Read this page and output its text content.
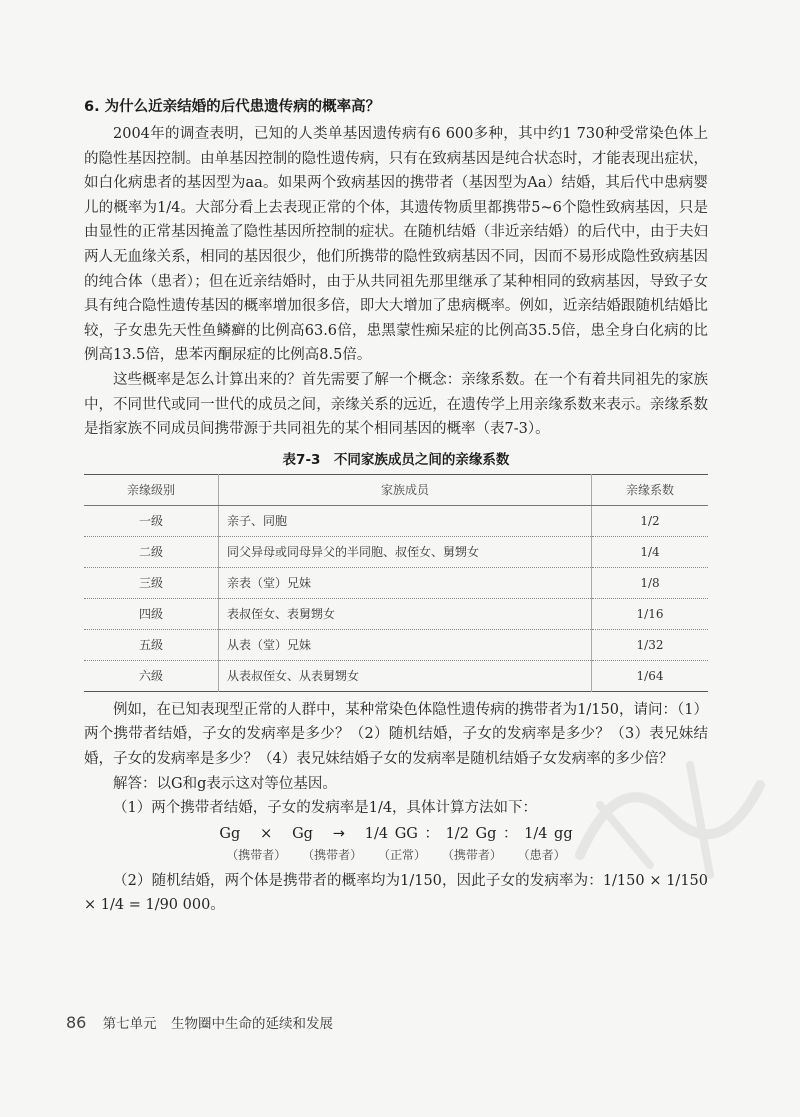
6. 为什么近亲结婚的后代患遗传病的概率高？

2004年的调查表明，已知的人类单基因遗传病有6 600多种，其中约1 730种受常染色体上的隐性基因控制。由单基因控制的隐性遗传病，只有在致病基因是纯合状态时，才能表现出症状，如白化病患者的基因型为aa。如果两个致病基因的携带者（基因型为Aa）结婚，其后代中患病婴儿的概率为1/4。大部分看上去表现正常的个体，其遗传物质里都携带5~6个隐性致病基因，只是由显性的正常基因掩盖了隐性基因所控制的症状。在随机结婚（非近亲结婚）的后代中，由于夫妇两人无血缘关系，相同的基因很少，他们所携带的隐性致病基因不同，因而不易形成隐性致病基因的纯合体（患者）；但在近亲结婚时，由于从共同祖先那里继承了某种相同的致病基因，导致子女具有纯合隐性遗传基因的概率增加很多倍，即大大增加了患病概率。例如，近亲结婚跟随机结婚比较，子女患先天性鱼鳞癣的比例高63.6倍，患黑蒙性痴呆症的比例高35.5倍，患全身白化病的比例高13.5倍，患苯丙酮尿症的比例高8.5倍。

这些概率是怎么计算出来的？首先需要了解一个概念：亲缘系数。在一个有着共同祖先的家族中，不同世代或同一世代的成员之间，亲缘关系的远近，在遗传学上用亲缘系数来表示。亲缘系数是指家族不同成员间携带源于共同祖先的某个相同基因的概率（表7-3）。

表7-3　不同家族成员之间的亲缘系数

亲缘级别	家族成员	亲缘系数
一级	亲子、同胞	1/2
二级	同父异母或同母异父的半同胞、叔侄女、舅甥女	1/4
三级	亲表（堂）兄妹	1/8
四级	表叔侄女、表舅甥女	1/16
五级	从表（堂）兄妹	1/32
六级	从表叔侄女、从表舅甥女	1/64

例如，在已知表现型正常的人群中，某种常染色体隐性遗传病的携带者为1/150，请问：（1）两个携带者结婚，子女的发病率是多少？（2）随机结婚，子女的发病率是多少？（3）表兄妹结婚，子女的发病率是多少？（4）表兄妹结婚子女的发病率是随机结婚子女发病率的多少倍？

解答：以G和g表示这对等位基因。

（1）两个携带者结婚，子女的发病率是1/4，具体计算方法如下：

Gg × Gg → 1/4 GG ： 1/2 Gg ： 1/4 gg

（携带者） （携带者） （正常） （携带者） （患者）

（2）随机结婚，两个体是携带者的概率均为1/150，因此子女的发病率为：1/150 × 1/150 × 1/4 = 1/90 000。

86 第七单元 生物圈中生命的延续和发展
